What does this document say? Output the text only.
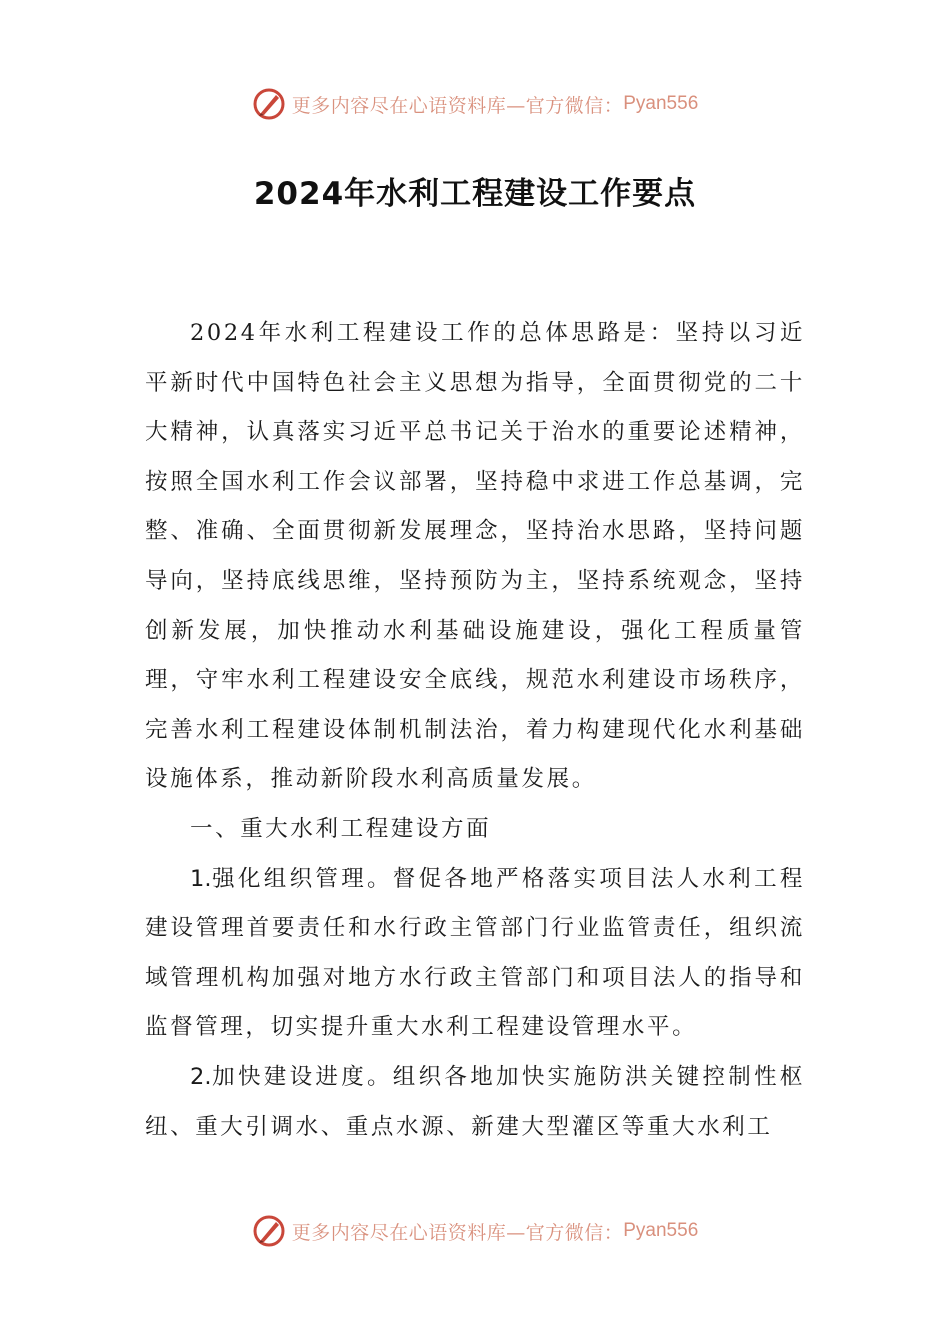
更多内容尽在心语资料库—官方微信： Pyan556
2024年水利工程建设工作要点

2024年水利工程建设工作的总体思路是：坚持以习近平新时代中国特色社会主义思想为指导，全面贯彻党的二十大精神，认真落实习近平总书记关于治水的重要论述精神，按照全国水利工作会议部署，坚持稳中求进工作总基调，完整、准确、全面贯彻新发展理念，坚持治水思路，坚持问题导向，坚持底线思维，坚持预防为主，坚持系统观念，坚持创新发展，加快推动水利基础设施建设，强化工程质量管理，守牢水利工程建设安全底线，规范水利建设市场秩序，完善水利工程建设体制机制法治，着力构建现代化水利基础设施体系，推动新阶段水利高质量发展。

一、重大水利工程建设方面

1.强化组织管理。督促各地严格落实项目法人水利工程建设管理首要责任和水行政主管部门行业监管责任，组织流域管理机构加强对地方水行政主管部门和项目法人的指导和监督管理，切实提升重大水利工程建设管理水平。

2.加快建设进度。组织各地加快实施防洪关键控制性枢纽、重大引调水、重点水源、新建大型灌区等重大水利工

更多内容尽在心语资料库—官方微信： Pyan556
